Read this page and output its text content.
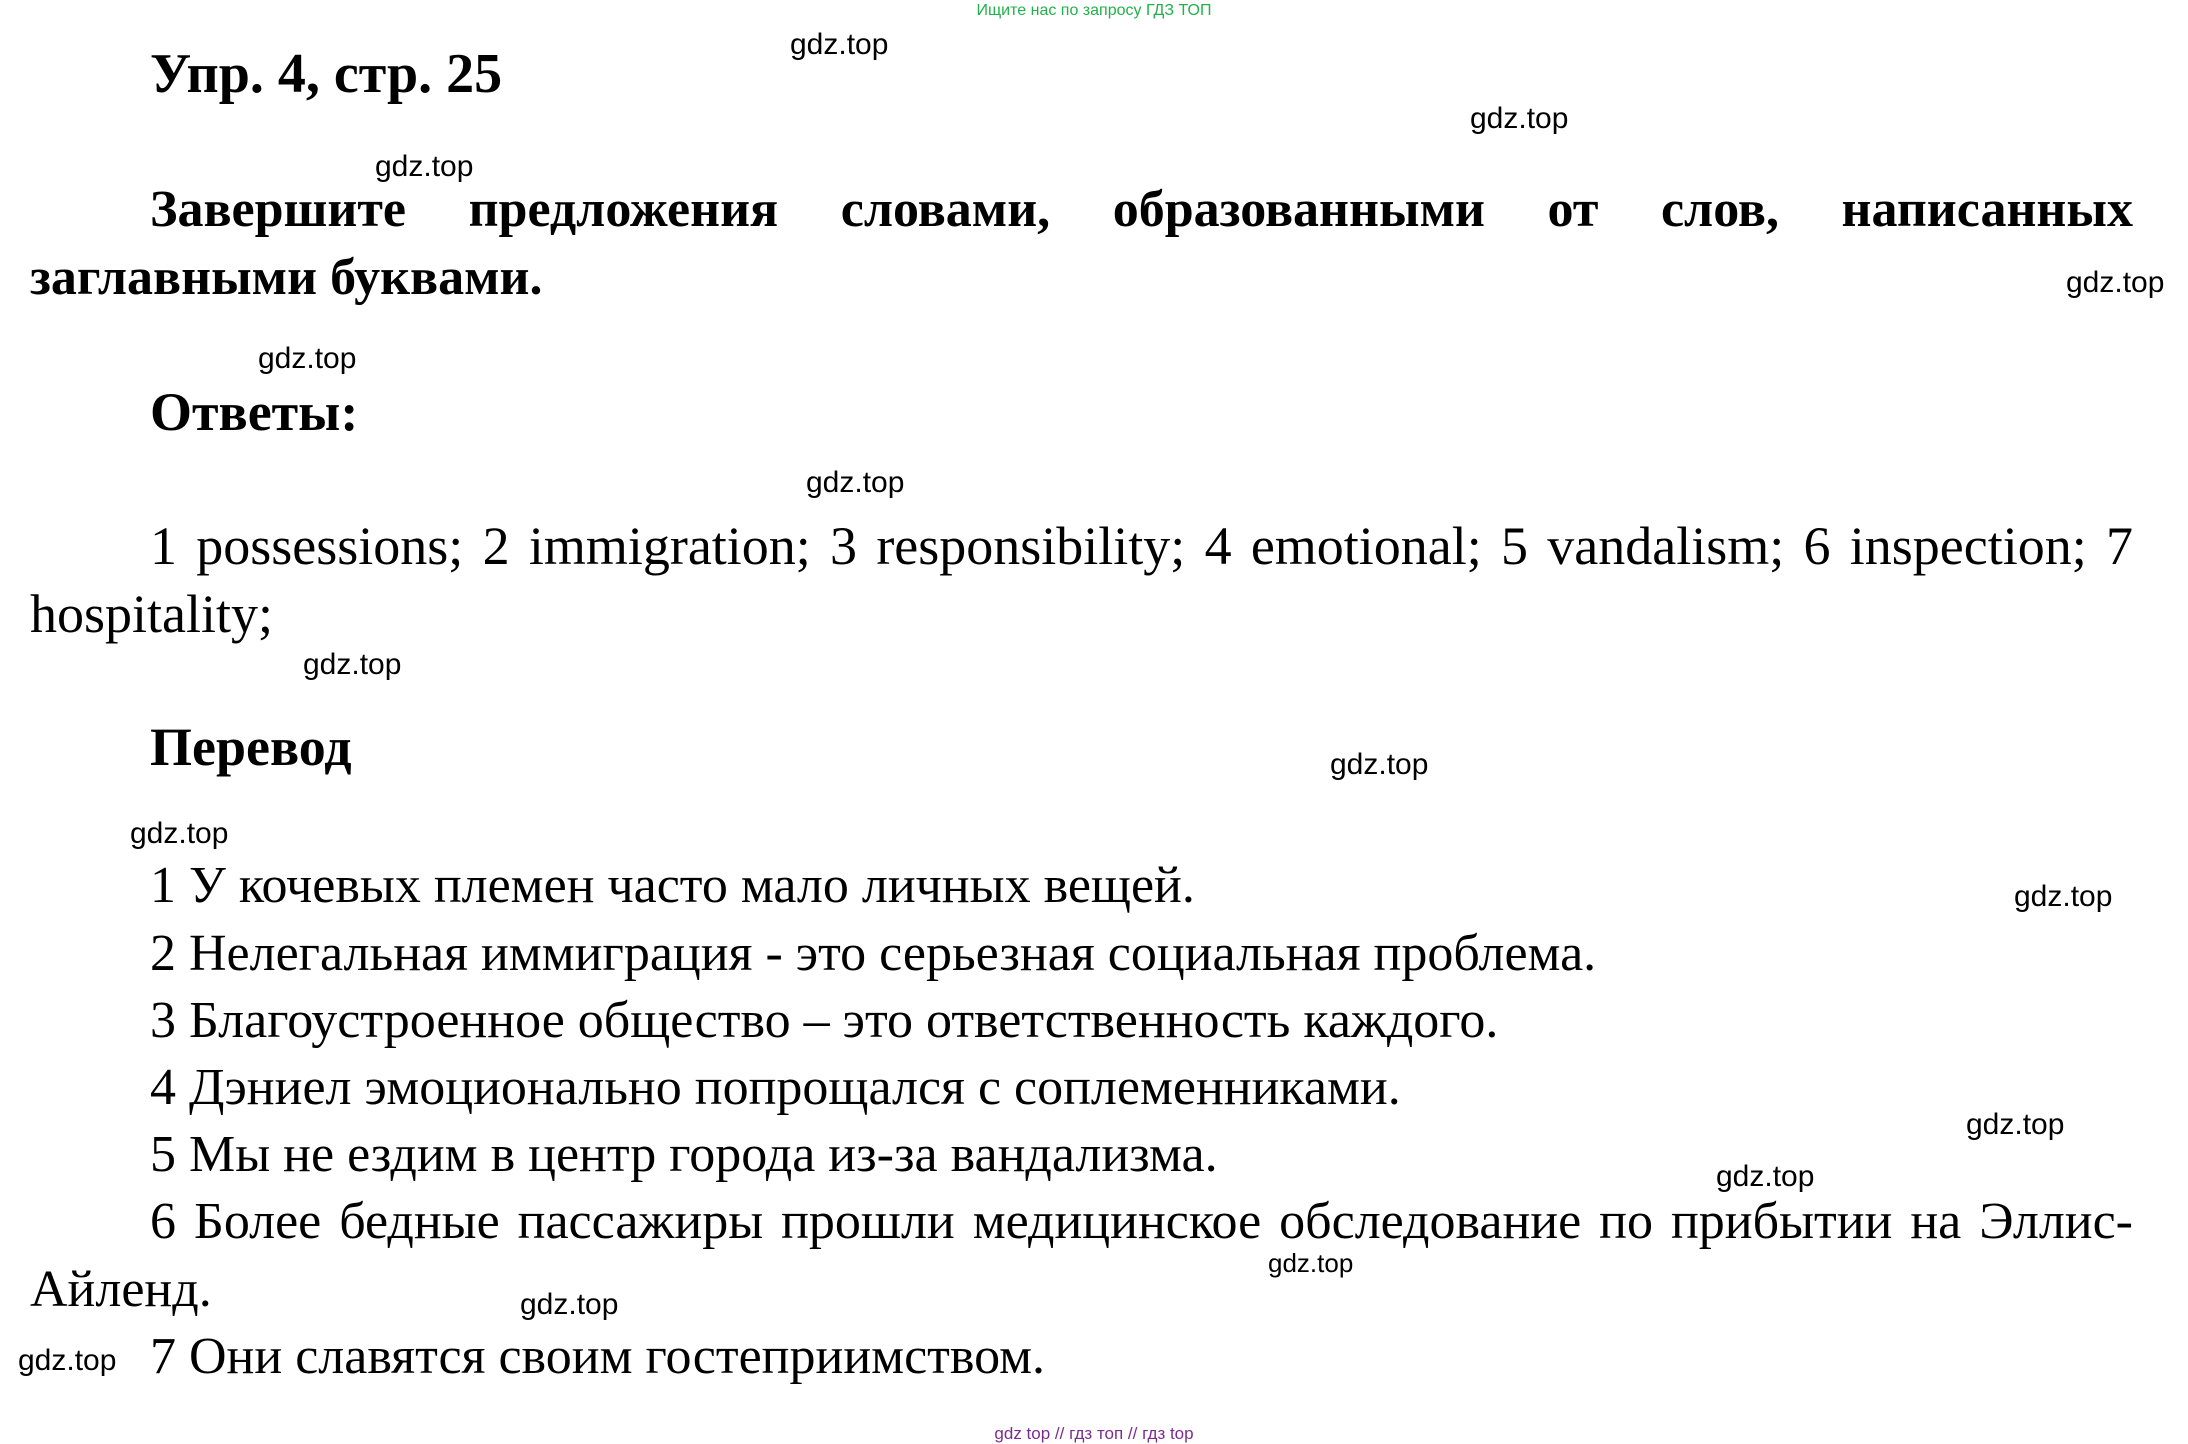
Ищите нас по запросу ГДЗ ТОП
Упр. 4, стр. 25
Завершите предложения словами, образованными от слов, написанных заглавными буквами.
Ответы:
1 possessions; 2 immigration; 3 responsibility; 4 emotional; 5 vandalism; 6 inspection; 7 hospitality;
Перевод
1 У кочевых племен часто мало личных вещей.
2 Нелегальная иммиграция - это серьезная социальная проблема.
3 Благоустроенное общество – это ответственность каждого.
4 Дэниел эмоционально попрощался с соплеменниками.
5 Мы не ездим в центр города из-за вандализма.
6 Более бедные пассажиры прошли медицинское обследование по прибытии на Эллис-Айленд.
7 Они славятся своим гостеприимством.
gdz.top
gdz.top
gdz.top
gdz.top
gdz.top
gdz.top
gdz.top
gdz.top
gdz.top
gdz.top
gdz.top
gdz.top
gdz.top
gdz.top
gdz.top
gdz top // гдз топ // гдз top
